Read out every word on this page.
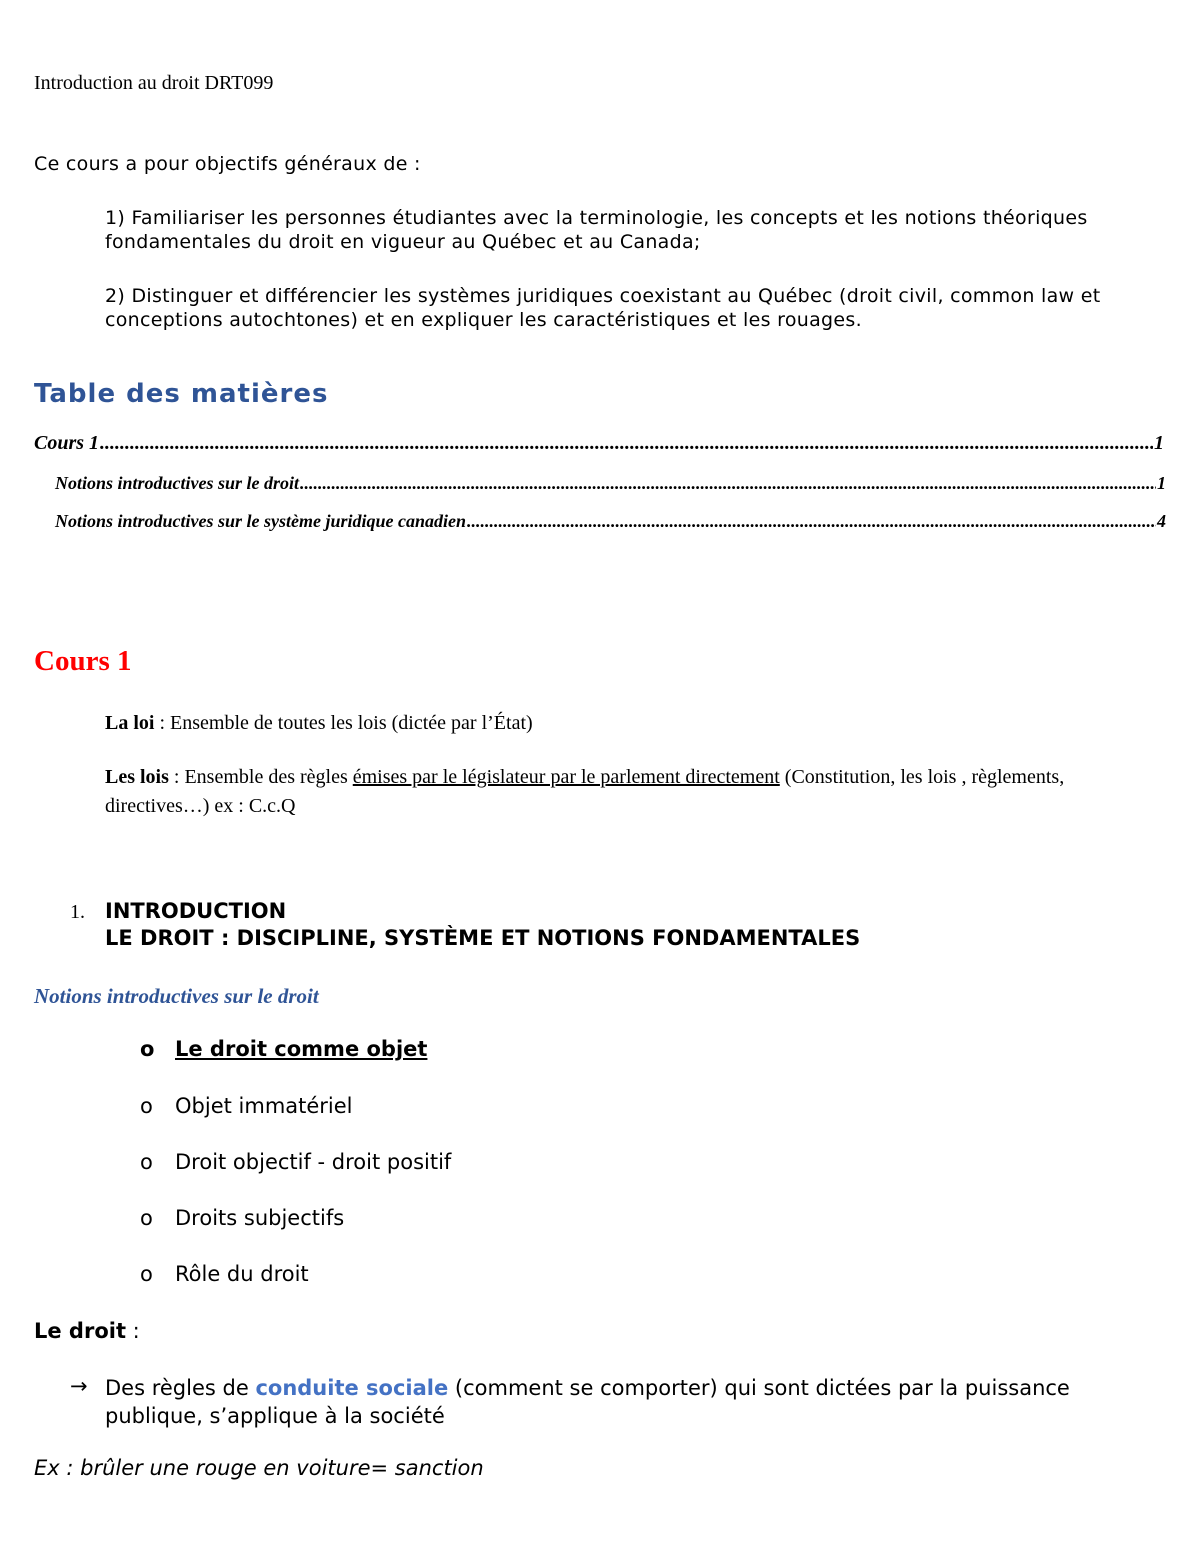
Introduction au droit DRT099
Ce cours a pour objectifs généraux de :
1) Familiariser les personnes étudiantes avec la terminologie, les concepts et les notions théoriques fondamentales du droit en vigueur au Québec et au Canada;
2) Distinguer et différencier les systèmes juridiques coexistant au Québec (droit civil, common law et conceptions autochtones) et en expliquer les caractéristiques et les rouages.
Table des matières
Cours 1 .....	1
Notions introductives sur le droit .....	1
Notions introductives sur le système juridique canadien .....	4
Cours 1
La loi : Ensemble de toutes les lois (dictée par l’État)
Les lois : Ensemble des règles émises par le législateur par le parlement directement (Constitution, les lois , règlements, directives…) ex : C.c.Q
1. INTRODUCTION
LE DROIT : DISCIPLINE, SYSTÈME ET NOTIONS FONDAMENTALES
Notions introductives sur le droit
o Le droit comme objet
o Objet immatériel
o Droit objectif - droit positif
o Droits subjectifs
o Rôle du droit
Le droit :
→ Des règles de conduite sociale (comment se comporter) qui sont dictées par la puissance publique, s’applique à la société
Ex : brûler une rouge en voiture= sanction
